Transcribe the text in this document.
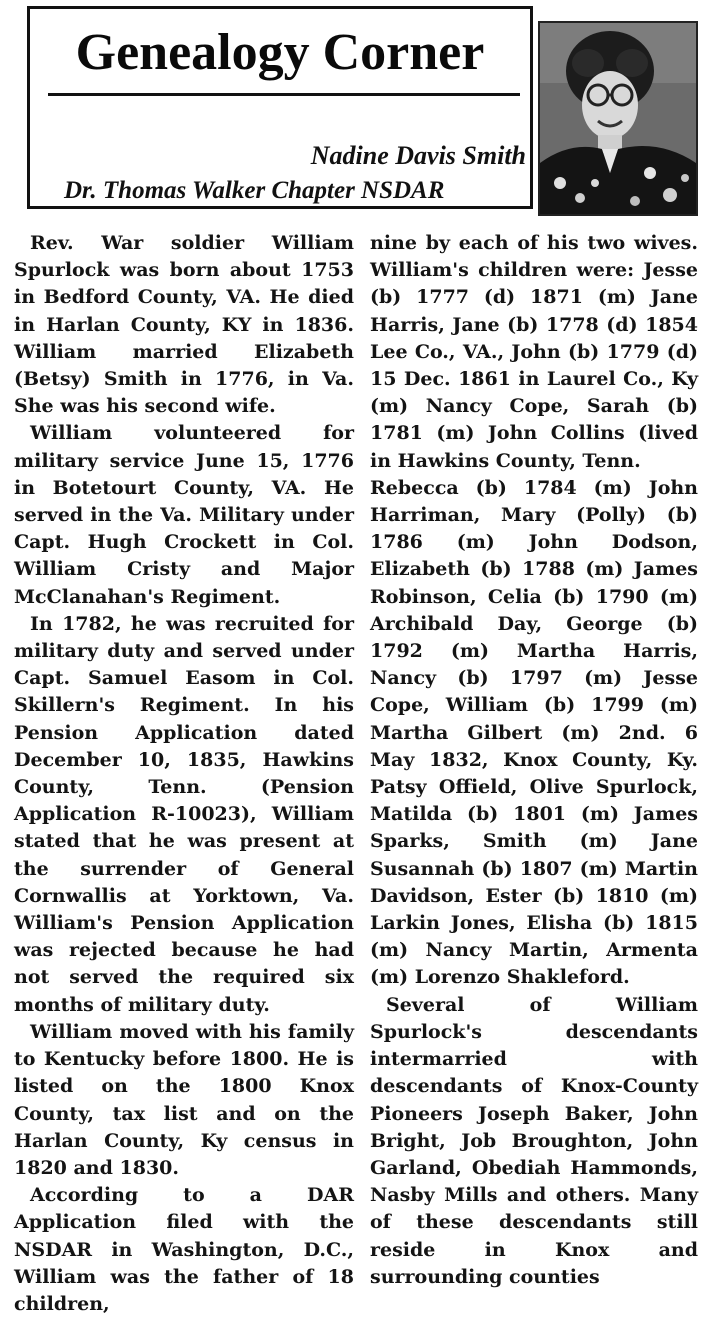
Genealogy Corner
Nadine Davis Smith
Dr. Thomas Walker Chapter NSDAR

Rev. War soldier William Spurlock was born about 1753 in Bedford County, VA. He died in Harlan County, KY in 1836. William married Elizabeth (Betsy) Smith in 1776, in Va. She was his second wife.

William volunteered for military service June 15, 1776 in Botetourt County, VA. He served in the Va. Military under Capt. Hugh Crockett in Col. William Cristy and Major McClanahan's Regiment.

In 1782, he was recruited for military duty and served under Capt. Samuel Easom in Col. Skillern's Regiment. In his Pension Application dated December 10, 1835, Hawkins County, Tenn. (Pension Application R-10023), William stated that he was present at the surrender of General Cornwallis at Yorktown, Va. William's Pension Application was rejected because he had not served the required six months of military duty.

William moved with his family to Kentucky before 1800. He is listed on the 1800 Knox County, tax list and on the Harlan County, Ky census in 1820 and 1830.

According to a DAR Application filed with the NSDAR in Washington, D.C., William was the father of 18 children,

nine by each of his two wives. William's children were: Jesse (b) 1777 (d) 1871 (m) Jane Harris, Jane (b) 1778 (d) 1854 Lee Co., VA., John (b) 1779 (d) 15 Dec. 1861 in Laurel Co., Ky (m) Nancy Cope, Sarah (b) 1781 (m) John Collins (lived in Hawkins County, Tenn.

Rebecca (b) 1784 (m) John Harriman, Mary (Polly) (b) 1786 (m) John Dodson, Elizabeth (b) 1788 (m) James Robinson, Celia (b) 1790 (m) Archibald Day, George (b) 1792 (m) Martha Harris, Nancy (b) 1797 (m) Jesse Cope, William (b) 1799 (m) Martha Gilbert (m) 2nd. 6 May 1832, Knox County, Ky. Patsy Offield, Olive Spurlock, Matilda (b) 1801 (m) James Sparks, Smith (m) Jane Susannah (b) 1807 (m) Martin Davidson, Ester (b) 1810 (m) Larkin Jones, Elisha (b) 1815 (m) Nancy Martin, Armenta (m) Lorenzo Shakleford.

Several of William Spurlock's descendants intermarried with descendants of Knox-County Pioneers Joseph Baker, John Bright, Job Broughton, John Garland, Obediah Hammonds, Nasby Mills and others. Many of these descendants still reside in Knox and surrounding counties
